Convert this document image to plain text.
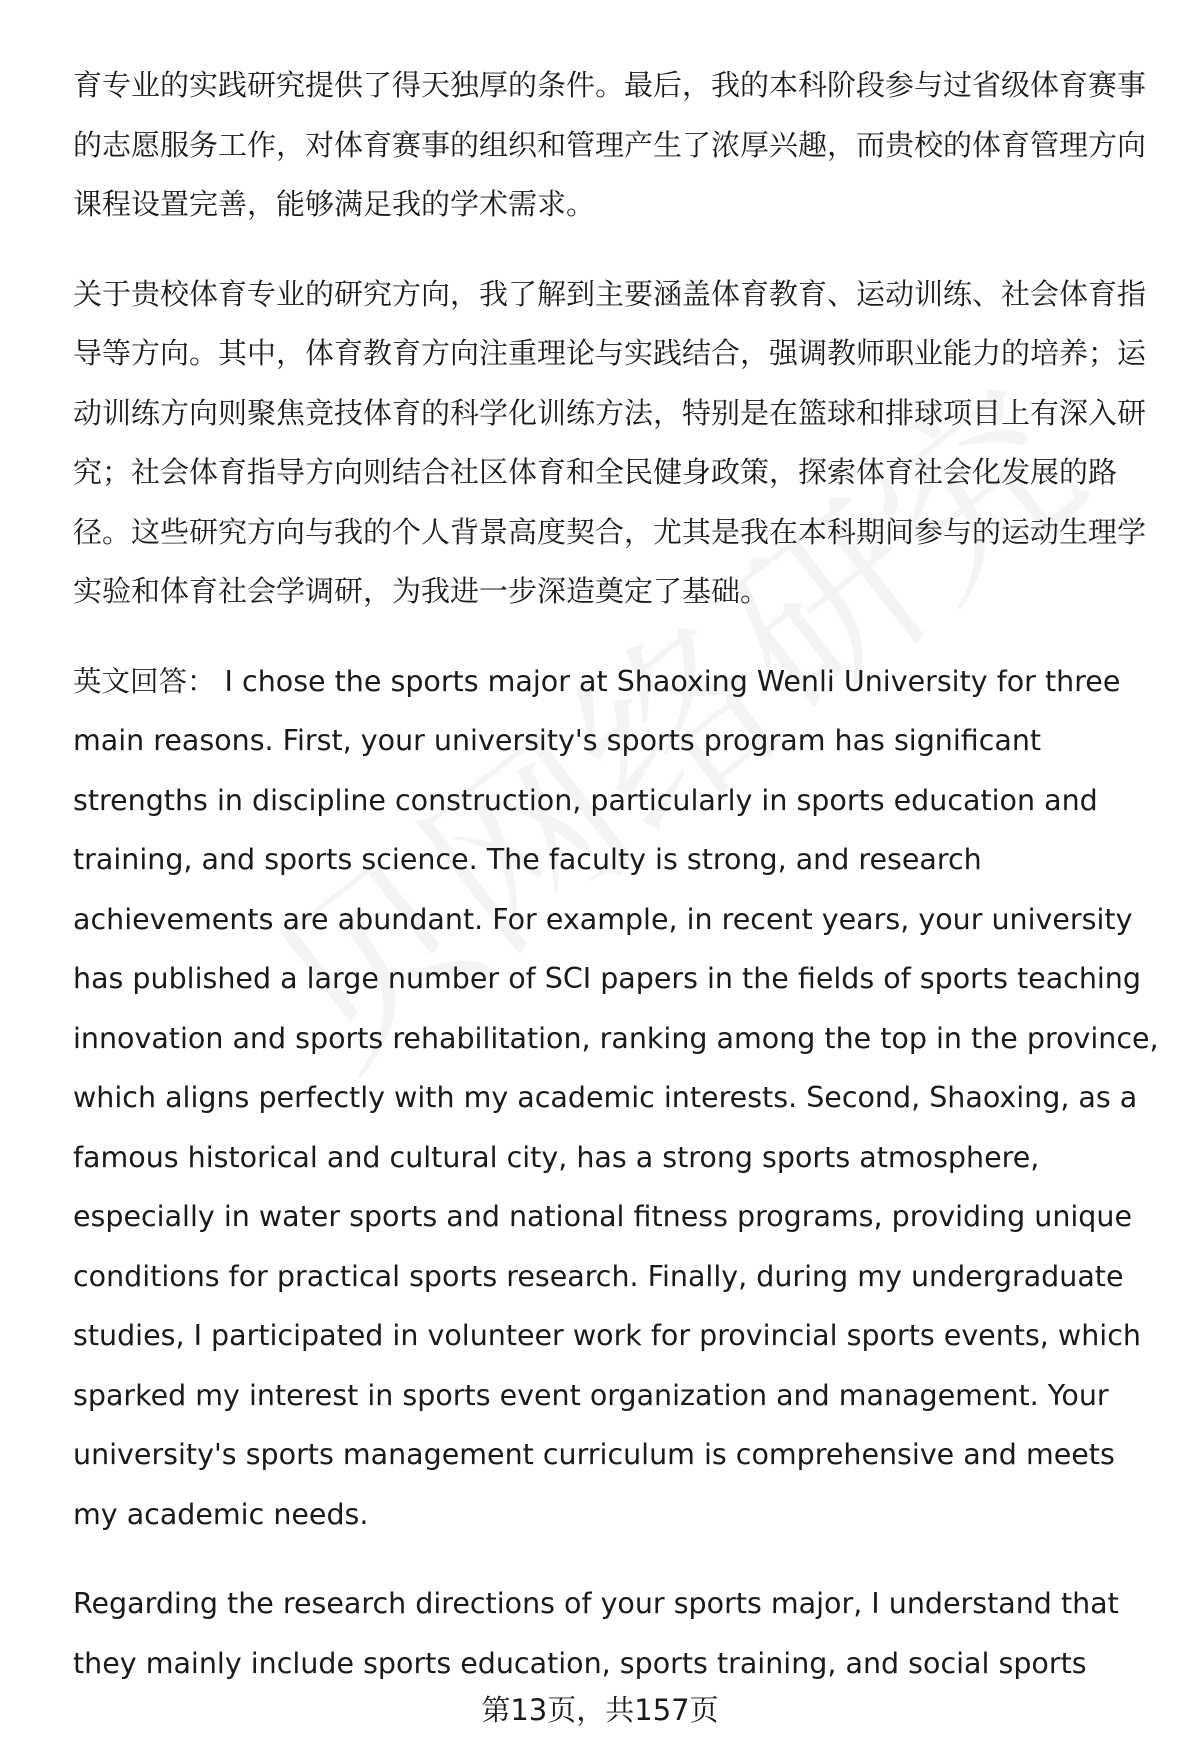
育专业的实践研究提供了得天独厚的条件。最后，我的本科阶段参与过省级体育赛事的志愿服务工作，对体育赛事的组织和管理产生了浓厚兴趣，而贵校的体育管理方向课程设置完善，能够满足我的学术需求。

关于贵校体育专业的研究方向，我了解到主要涵盖体育教育、运动训练、社会体育指导等方向。其中，体育教育方向注重理论与实践结合，强调教师职业能力的培养；运动训练方向则聚焦竞技体育的科学化训练方法，特别是在篮球和排球项目上有深入研究；社会体育指导方向则结合社区体育和全民健身政策，探索体育社会化发展的路径。这些研究方向与我的个人背景高度契合，尤其是我在本科期间参与的运动生理学实验和体育社会学调研，为我进一步深造奠定了基础。

英文回答： I chose the sports major at Shaoxing Wenli University for three main reasons. First, your university's sports program has significant strengths in discipline construction, particularly in sports education and training, and sports science. The faculty is strong, and research achievements are abundant. For example, in recent years, your university has published a large number of SCI papers in the fields of sports teaching innovation and sports rehabilitation, ranking among the top in the province, which aligns perfectly with my academic interests. Second, Shaoxing, as a famous historical and cultural city, has a strong sports atmosphere, especially in water sports and national fitness programs, providing unique conditions for practical sports research. Finally, during my undergraduate studies, I participated in volunteer work for provincial sports events, which sparked my interest in sports event organization and management. Your university's sports management curriculum is comprehensive and meets my academic needs.

Regarding the research directions of your sports major, I understand that they mainly include sports education, sports training, and social sports

第13页，共157页
